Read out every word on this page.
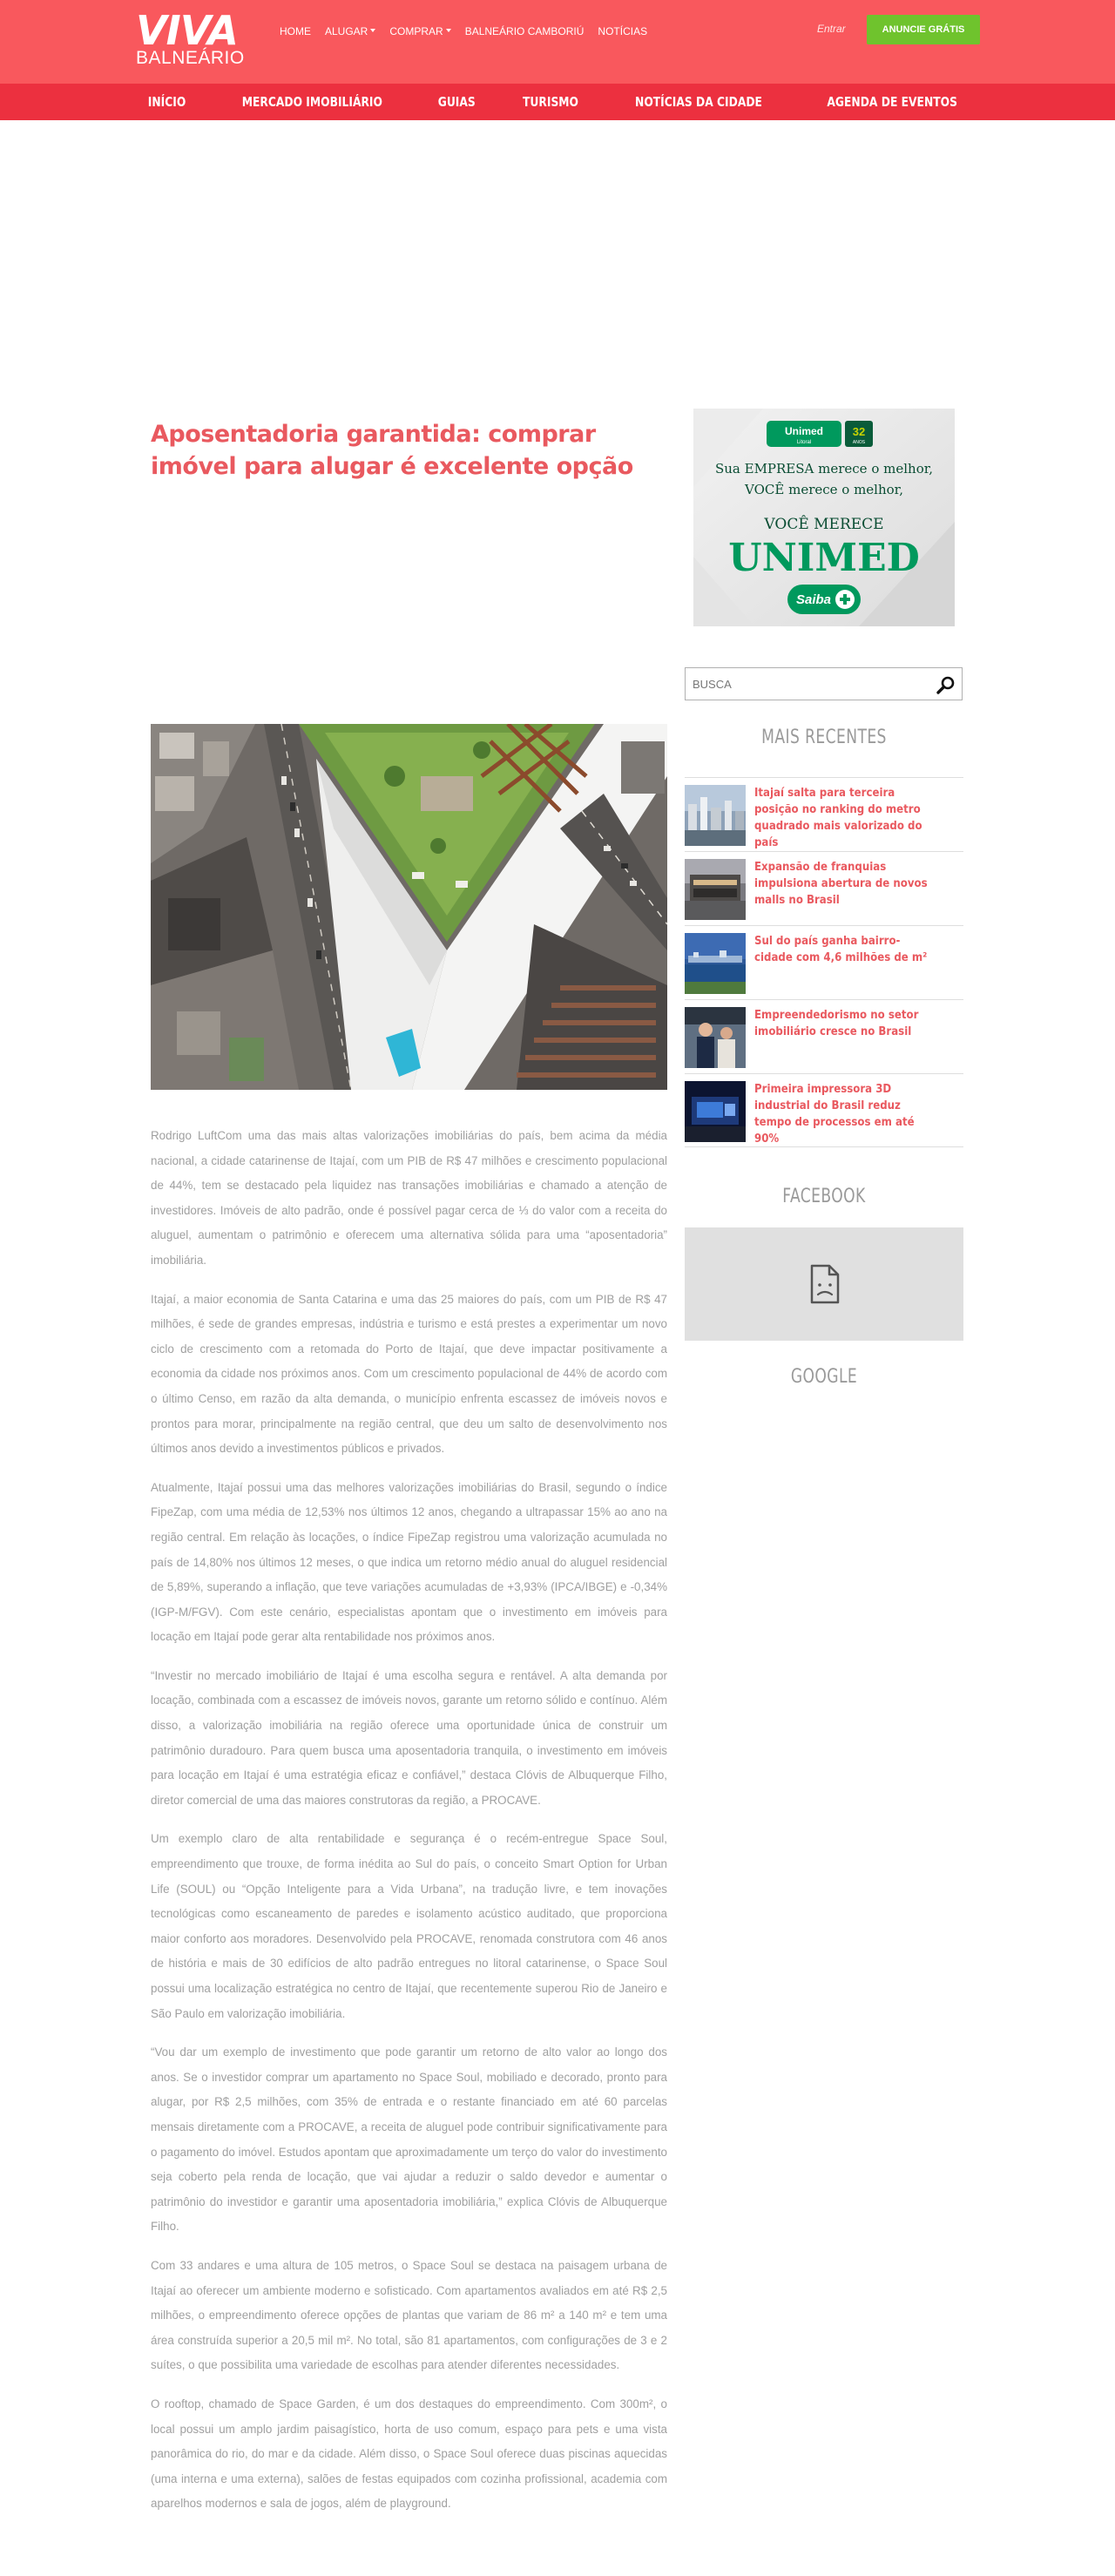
VIVA
BALNEÁRIO
HOME ALUGAR COMPRAR BALNEÁRIO CAMBORIÚ NOTÍCIAS	Entrar	ANUNCIE GRÁTIS
INÍCIO	MERCADO IMOBILIÁRIO	GUIAS	TURISMO	NOTÍCIAS DA CIDADE	AGENDA DE EVENTOS
Aposentadoria garantida: comprar imóvel para alugar é excelente opção
Unimed
Litoral
32
ANOS
Sua EMPRESA merece o melhor,
VOCÊ merece o melhor,
VOCÊ MERECE
UNIMED
Saiba
BUSCA
MAIS RECENTES
Itajaí salta para terceira posição no ranking do metro quadrado mais valorizado do país
Expansão de franquias impulsiona abertura de novos malls no Brasil
Sul do país ganha bairro-cidade com 4,6 milhões de m²
Empreendedorismo no setor imobiliário cresce no Brasil
Primeira impressora 3D industrial do Brasil reduz tempo de processos em até 90%
FACEBOOK
GOOGLE

Rodrigo LuftCom uma das mais altas valorizações imobiliárias do país, bem acima da média nacional, a cidade catarinense de Itajaí, com um PIB de R$ 47 milhões e crescimento populacional de 44%, tem se destacado pela liquidez nas transações imobiliárias e chamado a atenção de investidores. Imóveis de alto padrão, onde é possível pagar cerca de ⅓ do valor com a receita do aluguel, aumentam o patrimônio e oferecem uma alternativa sólida para uma “aposentadoria” imobiliária.

Itajaí, a maior economia de Santa Catarina e uma das 25 maiores do país, com um PIB de R$ 47 milhões, é sede de grandes empresas, indústria e turismo e está prestes a experimentar um novo ciclo de crescimento com a retomada do Porto de Itajaí, que deve impactar positivamente a economia da cidade nos próximos anos. Com um crescimento populacional de 44% de acordo com o último Censo, em razão da alta demanda, o município enfrenta escassez de imóveis novos e prontos para morar, principalmente na região central, que deu um salto de desenvolvimento nos últimos anos devido a investimentos públicos e privados.

Atualmente, Itajaí possui uma das melhores valorizações imobiliárias do Brasil, segundo o índice FipeZap, com uma média de 12,53% nos últimos 12 anos, chegando a ultrapassar 15% ao ano na região central. Em relação às locações, o índice FipeZap registrou uma valorização acumulada no país de 14,80% nos últimos 12 meses, o que indica um retorno médio anual do aluguel residencial de 5,89%, superando a inflação, que teve variações acumuladas de +3,93% (IPCA/IBGE) e -0,34% (IGP-M/FGV). Com este cenário, especialistas apontam que o investimento em imóveis para locação em Itajaí pode gerar alta rentabilidade nos próximos anos.

“Investir no mercado imobiliário de Itajaí é uma escolha segura e rentável. A alta demanda por locação, combinada com a escassez de imóveis novos, garante um retorno sólido e contínuo. Além disso, a valorização imobiliária na região oferece uma oportunidade única de construir um patrimônio duradouro. Para quem busca uma aposentadoria tranquila, o investimento em imóveis para locação em Itajaí é uma estratégia eficaz e confiável,” destaca Clóvis de Albuquerque Filho, diretor comercial de uma das maiores construtoras da região, a PROCAVE.

Um exemplo claro de alta rentabilidade e segurança é o recém-entregue Space Soul, empreendimento que trouxe, de forma inédita ao Sul do país, o conceito Smart Option for Urban Life (SOUL) ou “Opção Inteligente para a Vida Urbana”, na tradução livre, e tem inovações tecnológicas como escaneamento de paredes e isolamento acústico auditado, que proporciona maior conforto aos moradores. Desenvolvido pela PROCAVE, renomada construtora com 46 anos de história e mais de 30 edifícios de alto padrão entregues no litoral catarinense, o Space Soul possui uma localização estratégica no centro de Itajaí, que recentemente superou Rio de Janeiro e São Paulo em valorização imobiliária.

“Vou dar um exemplo de investimento que pode garantir um retorno de alto valor ao longo dos anos. Se o investidor comprar um apartamento no Space Soul, mobiliado e decorado, pronto para alugar, por R$ 2,5 milhões, com 35% de entrada e o restante financiado em até 60 parcelas mensais diretamente com a PROCAVE, a receita de aluguel pode contribuir significativamente para o pagamento do imóvel. Estudos apontam que aproximadamente um terço do valor do investimento seja coberto pela renda de locação, que vai ajudar a reduzir o saldo devedor e aumentar o patrimônio do investidor e garantir uma aposentadoria imobiliária,” explica Clóvis de Albuquerque Filho.

Com 33 andares e uma altura de 105 metros, o Space Soul se destaca na paisagem urbana de Itajaí ao oferecer um ambiente moderno e sofisticado. Com apartamentos avaliados em até R$ 2,5 milhões, o empreendimento oferece opções de plantas que variam de 86 m² a 140 m² e tem uma área construída superior a 20,5 mil m². No total, são 81 apartamentos, com configurações de 3 e 2 suítes, o que possibilita uma variedade de escolhas para atender diferentes necessidades.

O rooftop, chamado de Space Garden, é um dos destaques do empreendimento. Com 300m², o local possui um amplo jardim paisagístico, horta de uso comum, espaço para pets e uma vista panorâmica do rio, do mar e da cidade. Além disso, o Space Soul oferece duas piscinas aquecidas (uma interna e uma externa), salões de festas equipados com cozinha profissional, academia com aparelhos modernos e sala de jogos, além de playground.
